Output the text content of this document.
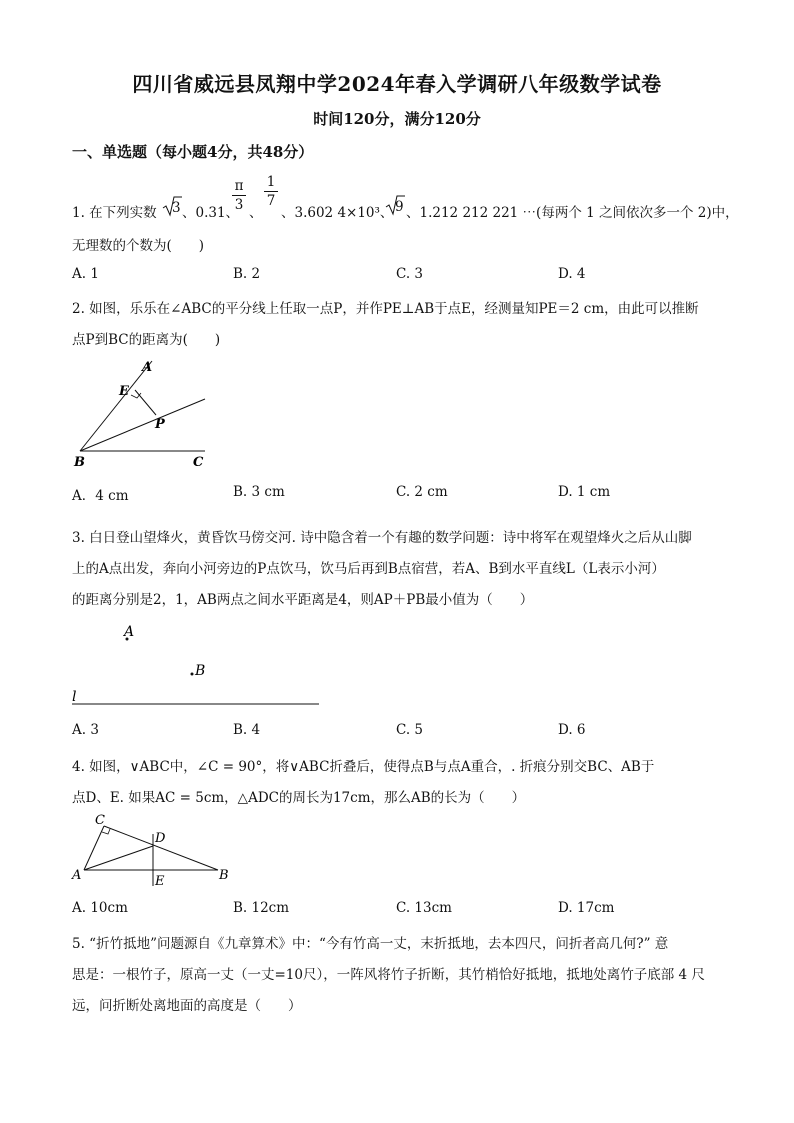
四川省威远县凤翔中学2024年春入学调研八年级数学试卷
时间120分，满分120分
一、单选题（每小题4分，共48分）
1. 在下列实数 3 、0.31、
π
3 、
1
7
、3.602 4×10³、 9 、1.212 212 221 ⋯(每两个 1 之间依次多一个 2)中，
无理数的个数为(　　)
A. 1	B. 2	C. 3	D. 4
2. 如图，乐乐在∠ABC的平分线上任取一点P，并作PE⊥AB于点E，经测量知PE＝2 cm，由此可以推断
点P到BC的距离为(　　)
A
E
P
B	C
A．4 cm	B. 3 cm	C. 2 cm	D. 1 cm
3. 白日登山望烽火，黄昏饮马傍交河. 诗中隐含着一个有趣的数学问题：诗中将军在观望烽火之后从山脚
上的A点出发，奔向小河旁边的P点饮马，饮马后再到B点宿营，若A、B到水平直线L（L表示小河）
的距离分别是2，1，AB两点之间水平距离是4，则AP＋PB最小值为（　　）
A
B
l
A. 3	B. 4	C. 5	D. 6
4. 如图，∨ABC中，∠C = 90°，将∨ABC折叠后，使得点B与点A重合，. 折痕分别交BC、AB于
点D、E. 如果AC = 5cm，△ADC的周长为17cm，那么AB的长为（　　）
C
D
A	E	B
A. 10cm	B. 12cm	C. 13cm	D. 17cm
5. “折竹抵地”问题源自《九章算术》中：“今有竹高一丈，末折抵地，去本四尺，问折者高几何?” 意
思是：一根竹子，原高一丈（一丈=10尺），一阵风将竹子折断，其竹梢恰好抵地，抵地处离竹子底部 4 尺
远，问折断处离地面的高度是（　　）
